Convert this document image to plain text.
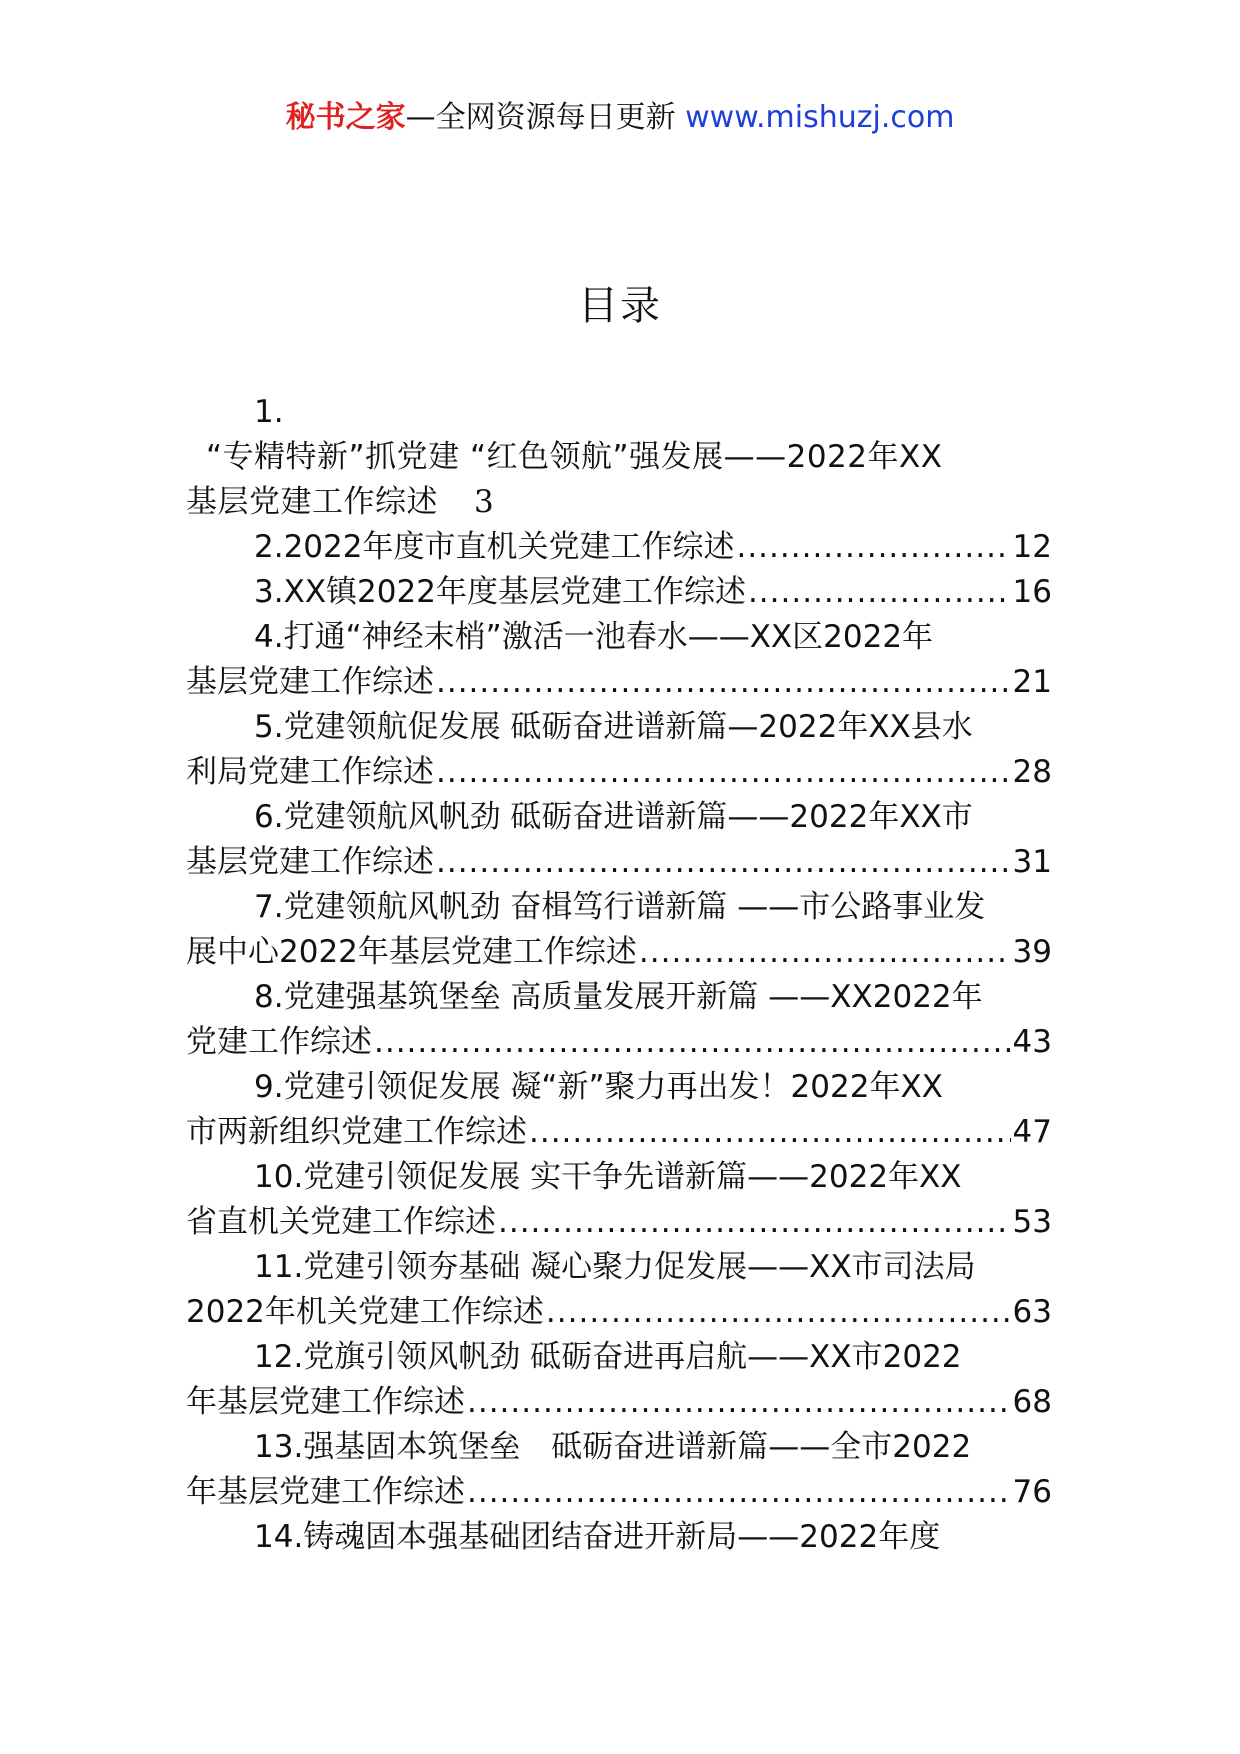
秘书之家—全网资源每日更新 www.mishuzj.com
目录
1.
“专精特新”抓党建 “红色领航”强发展——2022年XX
基层党建工作综述 3
2.2022年度市直机关党建工作综述 .....	12
3.XX镇2022年度基层党建工作综述 .....	16
4.打通“神经末梢”激活一池春水——XX区2022年
基层党建工作综述 .....	21
5.党建领航促发展 砥砺奋进谱新篇—2022年XX县水
利局党建工作综述 .....	28
6.党建领航风帆劲 砥砺奋进谱新篇——2022年XX市
基层党建工作综述 .....	31
7.党建领航风帆劲 奋楫笃行谱新篇 ——市公路事业发
展中心2022年基层党建工作综述 .....	39
8.党建强基筑堡垒 高质量发展开新篇 ——XX2022年
党建工作综述 .....	43
9.党建引领促发展 凝“新”聚力再出发！2022年XX
市两新组织党建工作综述 .....	47
10.党建引领促发展 实干争先谱新篇——2022年XX
省直机关党建工作综述 .....	53
11.党建引领夯基础 凝心聚力促发展——XX市司法局
2022年机关党建工作综述 .....	63
12.党旗引领风帆劲 砥砺奋进再启航——XX市2022
年基层党建工作综述 .....	68
13.强基固本筑堡垒　砥砺奋进谱新篇——全市2022
年基层党建工作综述 .....	76
14.铸魂固本强基础团结奋进开新局——2022年度
